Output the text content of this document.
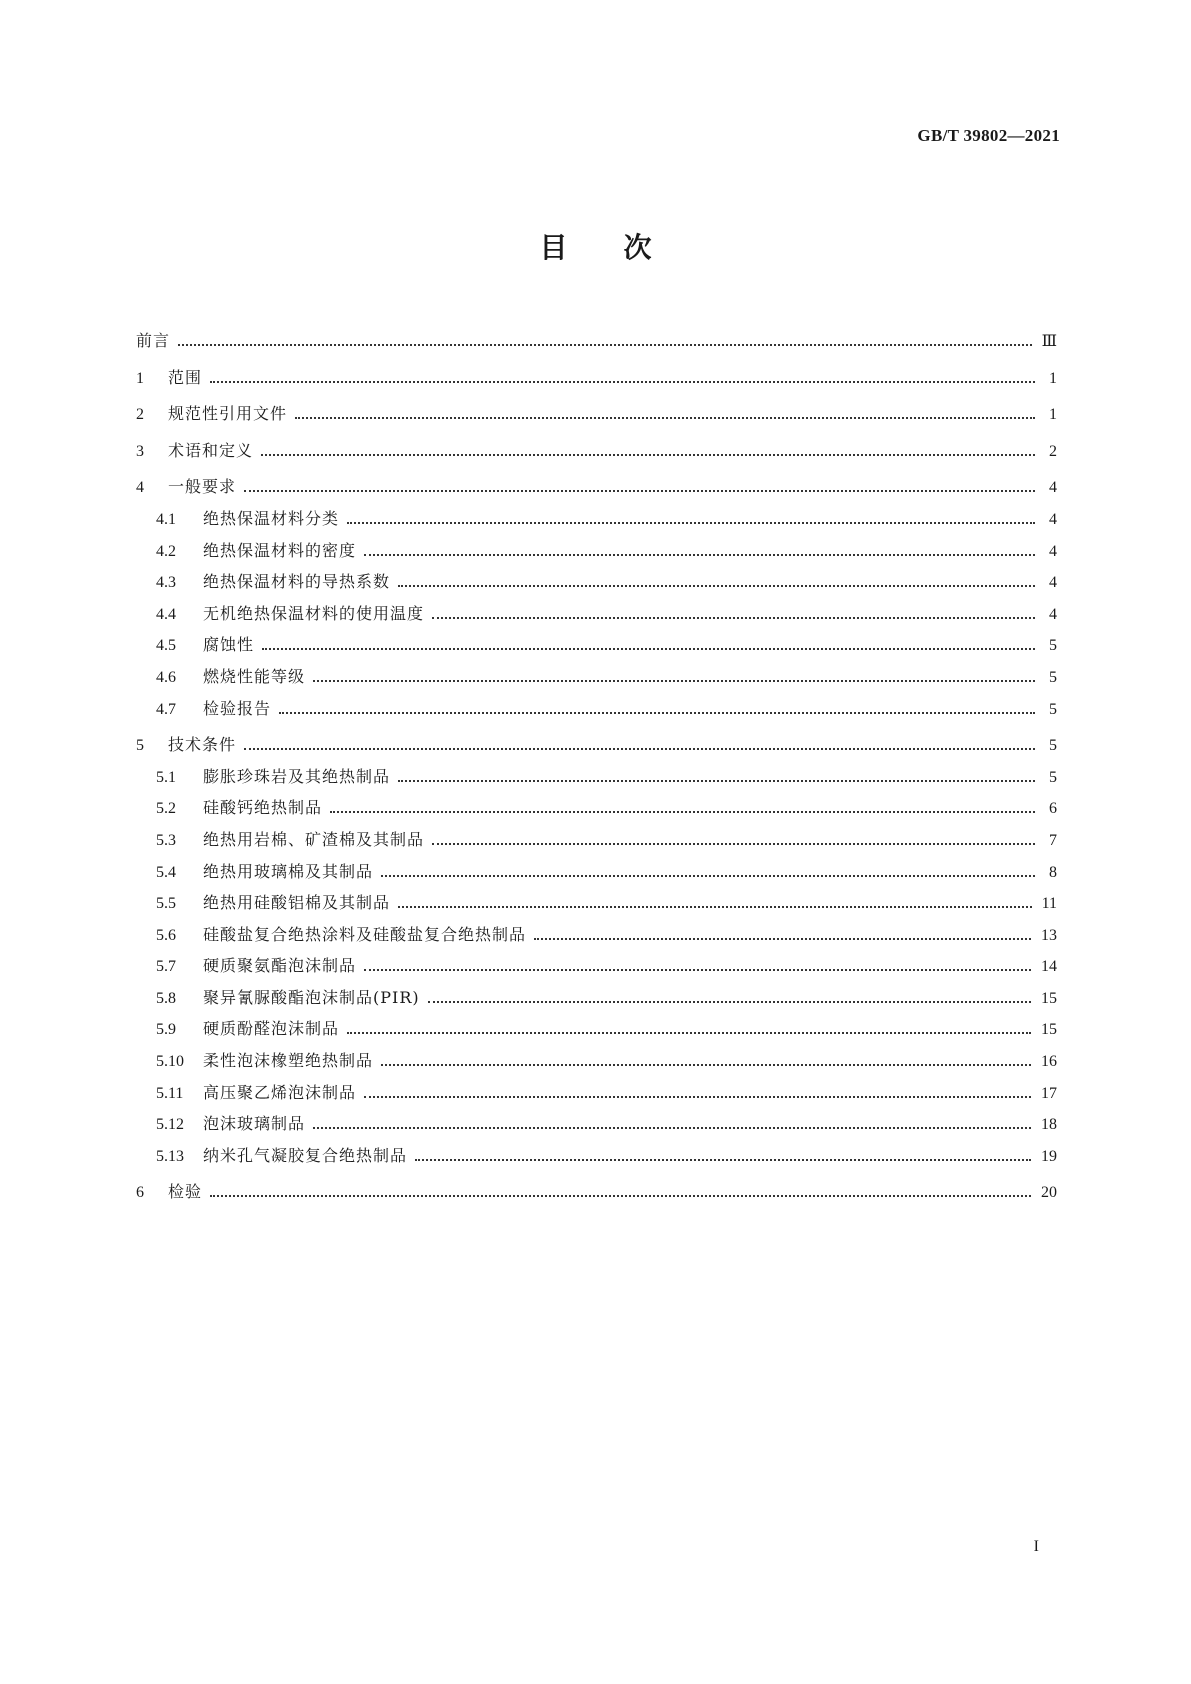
GB/T 39802—2021
目次
前言	Ⅲ
1	范围	1
2	规范性引用文件	1
3	术语和定义	2
4	一般要求	4
4.1	绝热保温材料分类	4
4.2	绝热保温材料的密度	4
4.3	绝热保温材料的导热系数	4
4.4	无机绝热保温材料的使用温度	4
4.5	腐蚀性	5
4.6	燃烧性能等级	5
4.7	检验报告	5
5	技术条件	5
5.1	膨胀珍珠岩及其绝热制品	5
5.2	硅酸钙绝热制品	6
5.3	绝热用岩棉、矿渣棉及其制品	7
5.4	绝热用玻璃棉及其制品	8
5.5	绝热用硅酸铝棉及其制品	11
5.6	硅酸盐复合绝热涂料及硅酸盐复合绝热制品	13
5.7	硬质聚氨酯泡沫制品	14
5.8	聚异氰脲酸酯泡沫制品(PIR)	15
5.9	硬质酚醛泡沫制品	15
5.10	柔性泡沫橡塑绝热制品	16
5.11	高压聚乙烯泡沫制品	17
5.12	泡沫玻璃制品	18
5.13	纳米孔气凝胶复合绝热制品	19
6	检验	20
I
